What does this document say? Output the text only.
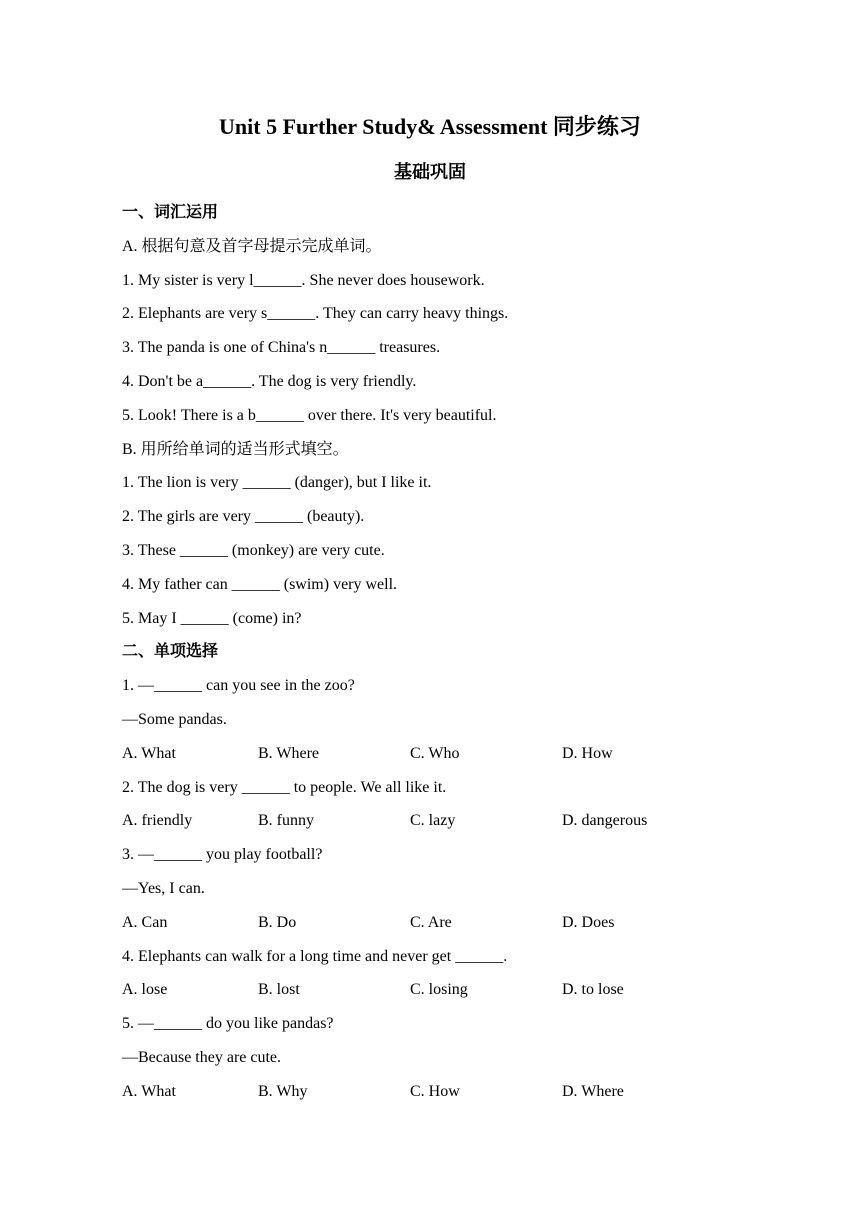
Unit 5 Further Study& Assessment 同步练习
基础巩固
一、词汇运用
A. 根据句意及首字母提示完成单词。
1. My sister is very l______. She never does housework.
2. Elephants are very s______. They can carry heavy things.
3. The panda is one of China's n______ treasures.
4. Don't be a______. The dog is very friendly.
5. Look! There is a b______ over there. It's very beautiful.
B. 用所给单词的适当形式填空。
1. The lion is very ______ (danger), but I like it.
2. The girls are very ______ (beauty).
3. These ______ (monkey) are very cute.
4. My father can ______ (swim) very well.
5. May I ______ (come) in?
二、单项选择
1. —______ can you see in the zoo?
—Some pandas.
A. What	B. Where	C. Who	D. How
2. The dog is very ______ to people. We all like it.
A. friendly	B. funny	C. lazy	D. dangerous
3. —______ you play football?
—Yes, I can.
A. Can	B. Do	C. Are	D. Does
4. Elephants can walk for a long time and never get ______.
A. lose	B. lost	C. losing	D. to lose
5. —______ do you like pandas?
—Because they are cute.
A. What	B. Why	C. How	D. Where
